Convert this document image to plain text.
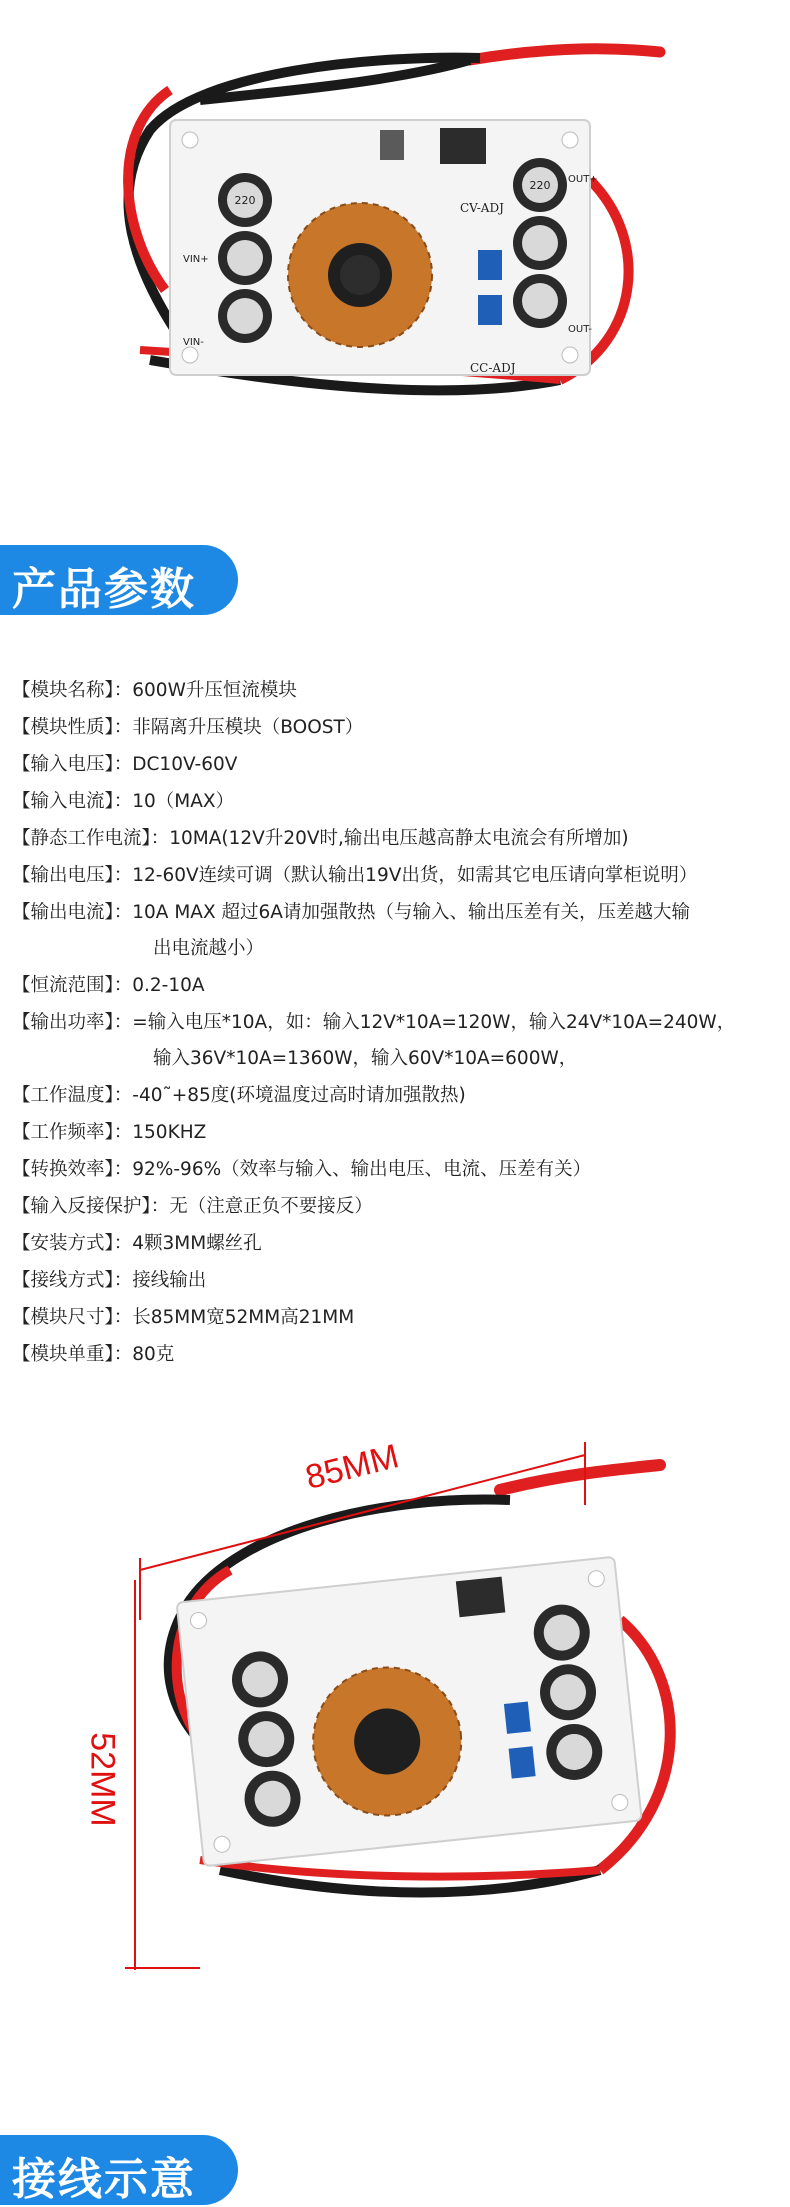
220
220
CV-ADJ
CC-ADJ
VIN+
VIN-
OUT+
OUT-
产品参数
【模块名称】： 600W升压恒流模块
【模块性质】： 非隔离升压模块（BOOST）
【输入电压】： DC10V-60V
【输入电流】： 10（MAX）
【静态工作电流】： 10MA(12V升20V时,输出电压越高静太电流会有所增加)
【输出电压】： 12-60V连续可调（默认输出19V出货，如需其它电压请向掌柜说明）
【输出电流】： 10A MAX 超过6A请加强散热（与输入、输出压差有关，压差越大输
出电流越小）
【恒流范围】： 0.2-10A
【输出功率】： =输入电压*10A，如：输入12V*10A=120W，输入24V*10A=240W，
输入36V*10A=1360W，输入60V*10A=600W，
【工作温度】： -40˜+85度(环境温度过高时请加强散热)
【工作频率】： 150KHZ
【转换效率】： 92%-96%（效率与输入、输出电压、电流、压差有关）
【输入反接保护】： 无（注意正负不要接反）
【安装方式】： 4颗3MM螺丝孔
【接线方式】： 接线输出
【模块尺寸】： 长85MM宽52MM高21MM
【模块单重】： 80克
85MM
52MM
接线示意
